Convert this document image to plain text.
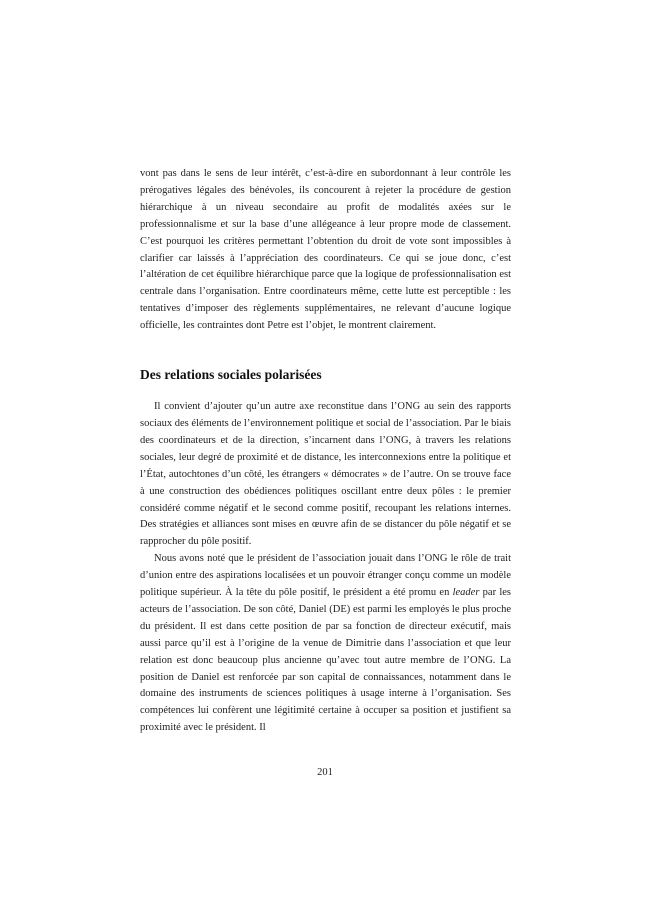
vont pas dans le sens de leur intérêt, c’est-à-dire en subordonnant à leur contrôle les prérogatives légales des bénévoles, ils concourent à rejeter la procédure de gestion hiérarchique à un niveau secondaire au profit de modalités axées sur le professionnalisme et sur la base d’une allégeance à leur propre mode de classement. C’est pourquoi les critères permettant l’obtention du droit de vote sont impossibles à clarifier car laissés à l’appréciation des coordinateurs. Ce qui se joue donc, c’est l’altération de cet équilibre hiérarchique parce que la logique de professionnalisation est centrale dans l’organisation. Entre coordinateurs même, cette lutte est perceptible : les tentatives d’imposer des règlements supplémentaires, ne relevant d’aucune logique officielle, les contraintes dont Petre est l’objet, le montrent clairement.

Des relations sociales polarisées

Il convient d’ajouter qu’un autre axe reconstitue dans l’ONG au sein des rapports sociaux des éléments de l’environnement politique et social de l’association. Par le biais des coordinateurs et de la direction, s’incarnent dans l’ONG, à travers les relations sociales, leur degré de proximité et de distance, les interconnexions entre la politique et l’État, autochtones d’un côté, les étrangers « démocrates » de l’autre. On se trouve face à une construction des obédiences politiques oscillant entre deux pôles : le premier considéré comme négatif et le second comme positif, recoupant les relations internes. Des stratégies et alliances sont mises en œuvre afin de se distancer du pôle négatif et se rapprocher du pôle positif.

Nous avons noté que le président de l’association jouait dans l’ONG le rôle de trait d’union entre des aspirations localisées et un pouvoir étranger conçu comme un modèle politique supérieur. À la tête du pôle positif, le président a été promu en leader par les acteurs de l’association. De son côté, Daniel (DE) est parmi les employés le plus proche du président. Il est dans cette position de par sa fonction de directeur exécutif, mais aussi parce qu’il est à l’origine de la venue de Dimitrie dans l’association et que leur relation est donc beaucoup plus ancienne qu’avec tout autre membre de l’ONG. La position de Daniel est renforcée par son capital de connaissances, notamment dans le domaine des instruments de sciences politiques à usage interne à l’organisation. Ses compétences lui confèrent une légitimité certaine à occuper sa position et justifient sa proximité avec le président. Il

201
